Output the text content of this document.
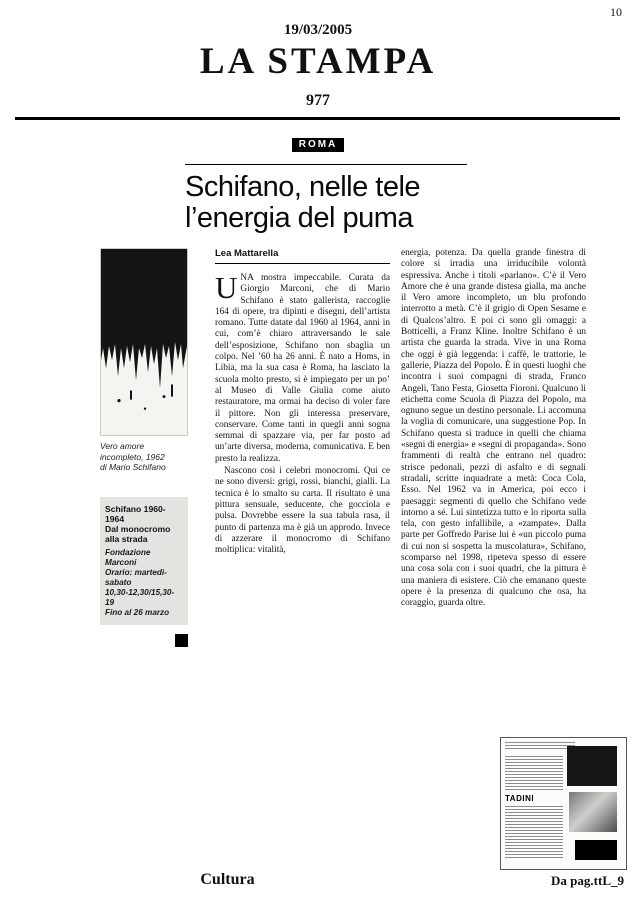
10
19/03/2005
LA STAMPA
977
ROMA
Schifano, nelle tele
l’energia del puma
Vero amore incompleto, 1962
di Mario Schifano
Schifano 1960-1964
Dal monocromo alla strada
Fondazione Marconi
Orario: martedì-sabato
10,30-12,30/15,30-19
Fino al 26 marzo
Lea Mattarella

UNA mostra impeccabile. Curata da Giorgio Marconi, che di Mario Schifano è stato gallerista, raccoglie 164 di opere, tra dipinti e disegni, dell’artista romano. Tutte datate dal 1960 al 1964, anni in cui, com’è chiaro attraversando le sale dell’esposizione, Schifano non sbaglia un colpo. Nel ’60 ha 26 anni. È nato a Homs, in Libia, ma la sua casa è Roma, ha lasciato la scuola molto presto, si è impiegato per un po’ al Museo di Valle Giulia come aiuto restauratore, ma ormai ha deciso di voler fare il pittore. Non gli interessa preservare, conservare. Come tanti in quegli anni sogna semmai di spazzare via, per far posto ad un’arte diversa, moderna, comunicativa. E ben presto la realizza.

Nascono così i celebri monocromi. Qui ce ne sono diversi: grigi, rossi, bianchi, gialli. La tecnica è lo smalto su carta. Il risultato è una pittura sensuale, seducente, che gocciola e pulsa. Dovrebbe essere la sua tabula rasa, il punto di partenza ma è già un approdo. Invece di azzerare il monocromo di Schifano moltiplica: vitalità,

energia, potenza. Da quella grande finestra di colore si irradia una irriducibile volontà espressiva. Anche i titoli «parlano». C’è il Vero Amore che è una grande distesa gialla, ma anche il Vero amore incompleto, un blu profondo interrotto a metà. C’è il grigio di Open Sesame e di Qualcos’altro. E poi ci sono gli omaggi: a Botticelli, a Franz Kline. Inoltre Schifano è un artista che guarda la strada. Vive in una Roma che oggi è già leggenda: i caffè, le trattorie, le gallerie, Piazza del Popolo. È in questi luoghi che incontra i suoi compagni di strada, Franco Angeli, Tano Festa, Giosetta Fioroni. Qualcuno li etichetta come Scuola di Piazza del Popolo, ma ognuno segue un destino personale. Li accomuna la voglia di comunicare, una suggestione Pop. In Schifano questa si traduce in quelli che chiama «segni di energia» e «segni di propaganda». Sono frammenti di realtà che entrano nel quadro: strisce pedonali, pezzi di asfalto e di segnali stradali, scritte inquadrate a metà: Coca Cola, Esso. Nel 1962 va in America, poi ecco i paesaggi: segmenti di quello che Schifano vede intorno a sé. Lui sintetizza tutto e lo riporta sulla tela, con gesto infallibile, a «zampate». Dalla parte per Goffredo Parise lui è «un piccolo puma di cui non si sospetta la muscolatura», Schifano, scomparso nel 1998, ripeteva spesso di essere una cosa sola con i suoi quadri, che la pittura è una maniera di esistere. Ciò che emanano queste opere è la presenza di qualcuno che osa, ha coraggio, guarda oltre.

TADINI
Cultura	Da pag.ttL_9
